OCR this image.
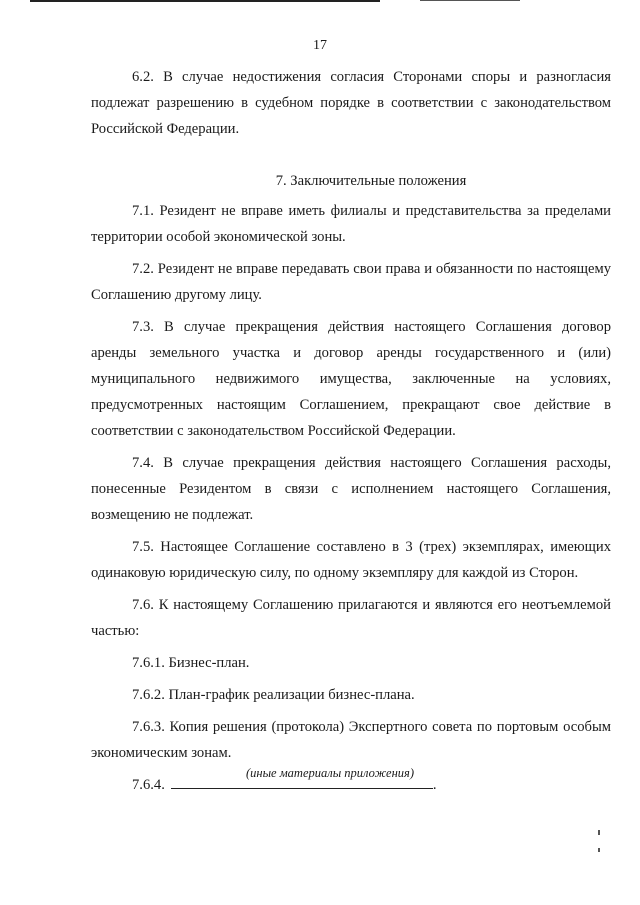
17

6.2. В случае недостижения согласия Сторонами споры и разногласия подлежат разрешению в судебном порядке в соответствии с законодательством Российской Федерации.

7. Заключительные положения

7.1. Резидент не вправе иметь филиалы и представительства за пределами территории особой экономической зоны.

7.2. Резидент не вправе передавать свои права и обязанности по настоящему Соглашению другому лицу.

7.3. В случае прекращения действия настоящего Соглашения договор аренды земельного участка и договор аренды государственного и (или) муниципального недвижимого имущества, заключенные на условиях, предусмотренных настоящим Соглашением, прекращают свое действие в соответствии с законодательством Российской Федерации.

7.4. В случае прекращения действия настоящего Соглашения расходы, понесенные Резидентом в связи с исполнением настоящего Соглашения, возмещению не подлежат.

7.5. Настоящее Соглашение составлено в 3 (трех) экземплярах, имеющих одинаковую юридическую силу, по одному экземпляру для каждой из Сторон.

7.6. К настоящему Соглашению прилагаются и являются его неотъемлемой частью:

7.6.1. Бизнес-план.

7.6.2. План-график реализации бизнес-плана.

7.6.3. Копия решения (протокола) Экспертного совета по портовым особым экономическим зонам.

7.6.4.	.

(иные материалы приложения)
